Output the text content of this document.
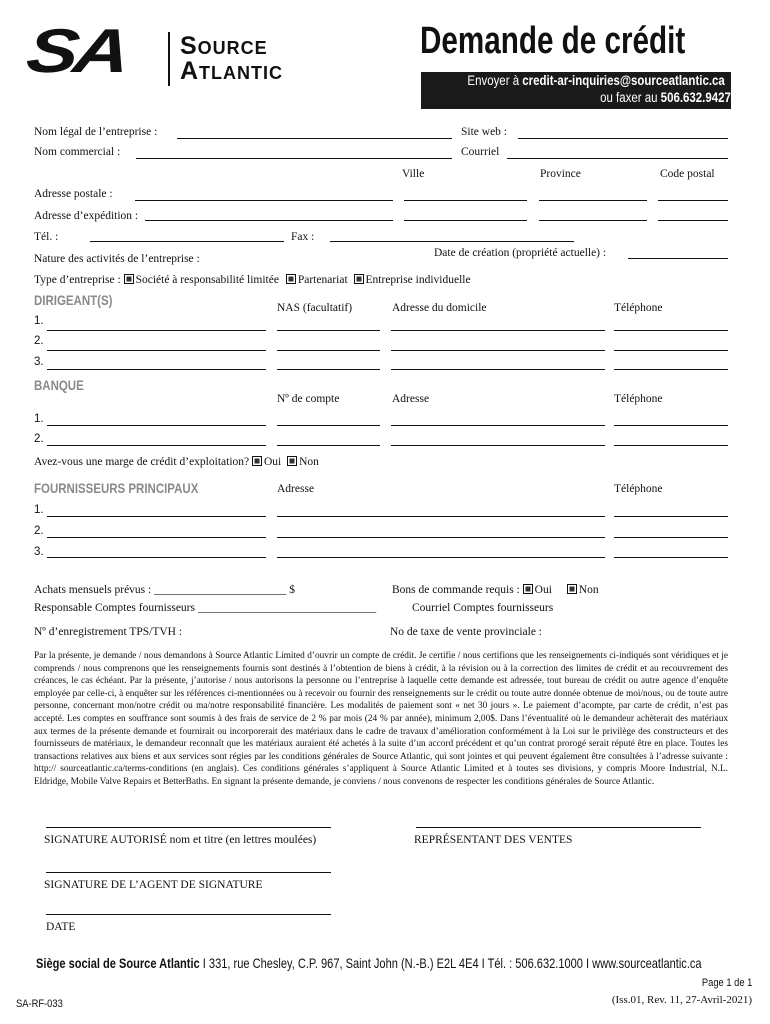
SA Source
Atlantic
Demande de crédit
Envoyer à credit-ar-inquiries@sourceatlantic.ca
ou faxer au 506.632.9427
Nom légal de l’entreprise :	Site web :
Nom commercial :	Courriel
Ville	Province	Code postal
Adresse postale :
Adresse d’expédition :
Tél. :	Fax :
Nature des activités de l’entreprise :	Date de création (propriété actuelle) :
Type d’entreprise : Société à responsabilité limitée Partenariat Entreprise individuelle
DIRIGEANT(S)	NAS (facultatif)	Adresse du domicile	Téléphone
1.
2.
3.
BANQUE
Nº de compte	Adresse	Téléphone
1.
2.
Avez-vous une marge de crédit d’exploitation? Oui Non
FOURNISSEURS PRINCIPAUX	Adresse	Téléphone
1.
2.
3.
Achats mensuels prévus : _______________________ $	Bons de commande requis : Oui Non
Responsable Comptes fournisseurs _______________________________	Courriel Comptes fournisseurs
Nº d’enregistrement TPS/TVH :	No de taxe de vente provinciale :
Par la présente, je demande / nous demandons à Source Atlantic Limited d’ouvrir un compte de crédit. Je certifie / nous certifions que les renseignements ci-indiqués sont véridiques et je comprends / nous comprenons que les renseignements fournis sont destinés à l’obtention de biens à crédit, à la révision ou à la correction des limites de crédit et au recouvrement des créances, le cas échéant. Par la présente, j’autorise / nous autorisons la personne ou l’entreprise à laquelle cette demande est adressée, tout bureau de crédit ou autre agence d’enquête employée par celle-ci, à enquêter sur les références ci-mentionnées ou à recevoir ou fournir des renseignements sur le crédit ou toute autre donnée obtenue de moi/nous, ou de toute autre personne, concernant mon/notre crédit ou ma/notre responsabilité financière. Les modalités de paiement sont « net 30 jours ». Le paiement d’acompte, par carte de crédit, n’est pas accepté. Les comptes en souffrance sont soumis à des frais de service de 2 % par mois (24 % par année), minimum 2,00$. Dans l’éventualité où le demandeur achèterait des matériaux aux termes de la présente demande et fournirait ou incorporerait des matériaux dans le cadre de travaux d’amélioration conformément à la Loi sur le privilège des constructeurs et des fournisseurs de matériaux, le demandeur reconnaît que les matériaux auraient été achetés à la suite d’un accord précédent et qu’un contrat prorogé serait réputé être en place. Toutes les transactions relatives aux biens et aux services sont régies par les conditions générales de Source Atlantic, qui sont jointes et qui peuvent également être consultées à l’adresse suivante : http:// sourceatlantic.ca/terms-conditions (en anglais). Ces conditions générales s’appliquent à Source Atlantic Limited et à toutes ses divisions, y compris Moore Industrial, N.L. Eldridge, Mobile Valve Repairs et BetterBaths. En signant la présente demande, je conviens / nous convenons de respecter les conditions générales de Source Atlantic.
SIGNATURE AUTORISÉ nom et titre (en lettres moulées)	REPRÉSENTANT DES VENTES
SIGNATURE DE L’AGENT DE SIGNATURE
DATE
Siège social de Source Atlantic I 331, rue Chesley, C.P. 967, Saint John (N.-B.) E2L 4E4 I Tél. : 506.632.1000 I www.sourceatlantic.ca
Page 1 de 1
SA-RF-033	(Iss.01, Rev. 11, 27-Avril-2021)
